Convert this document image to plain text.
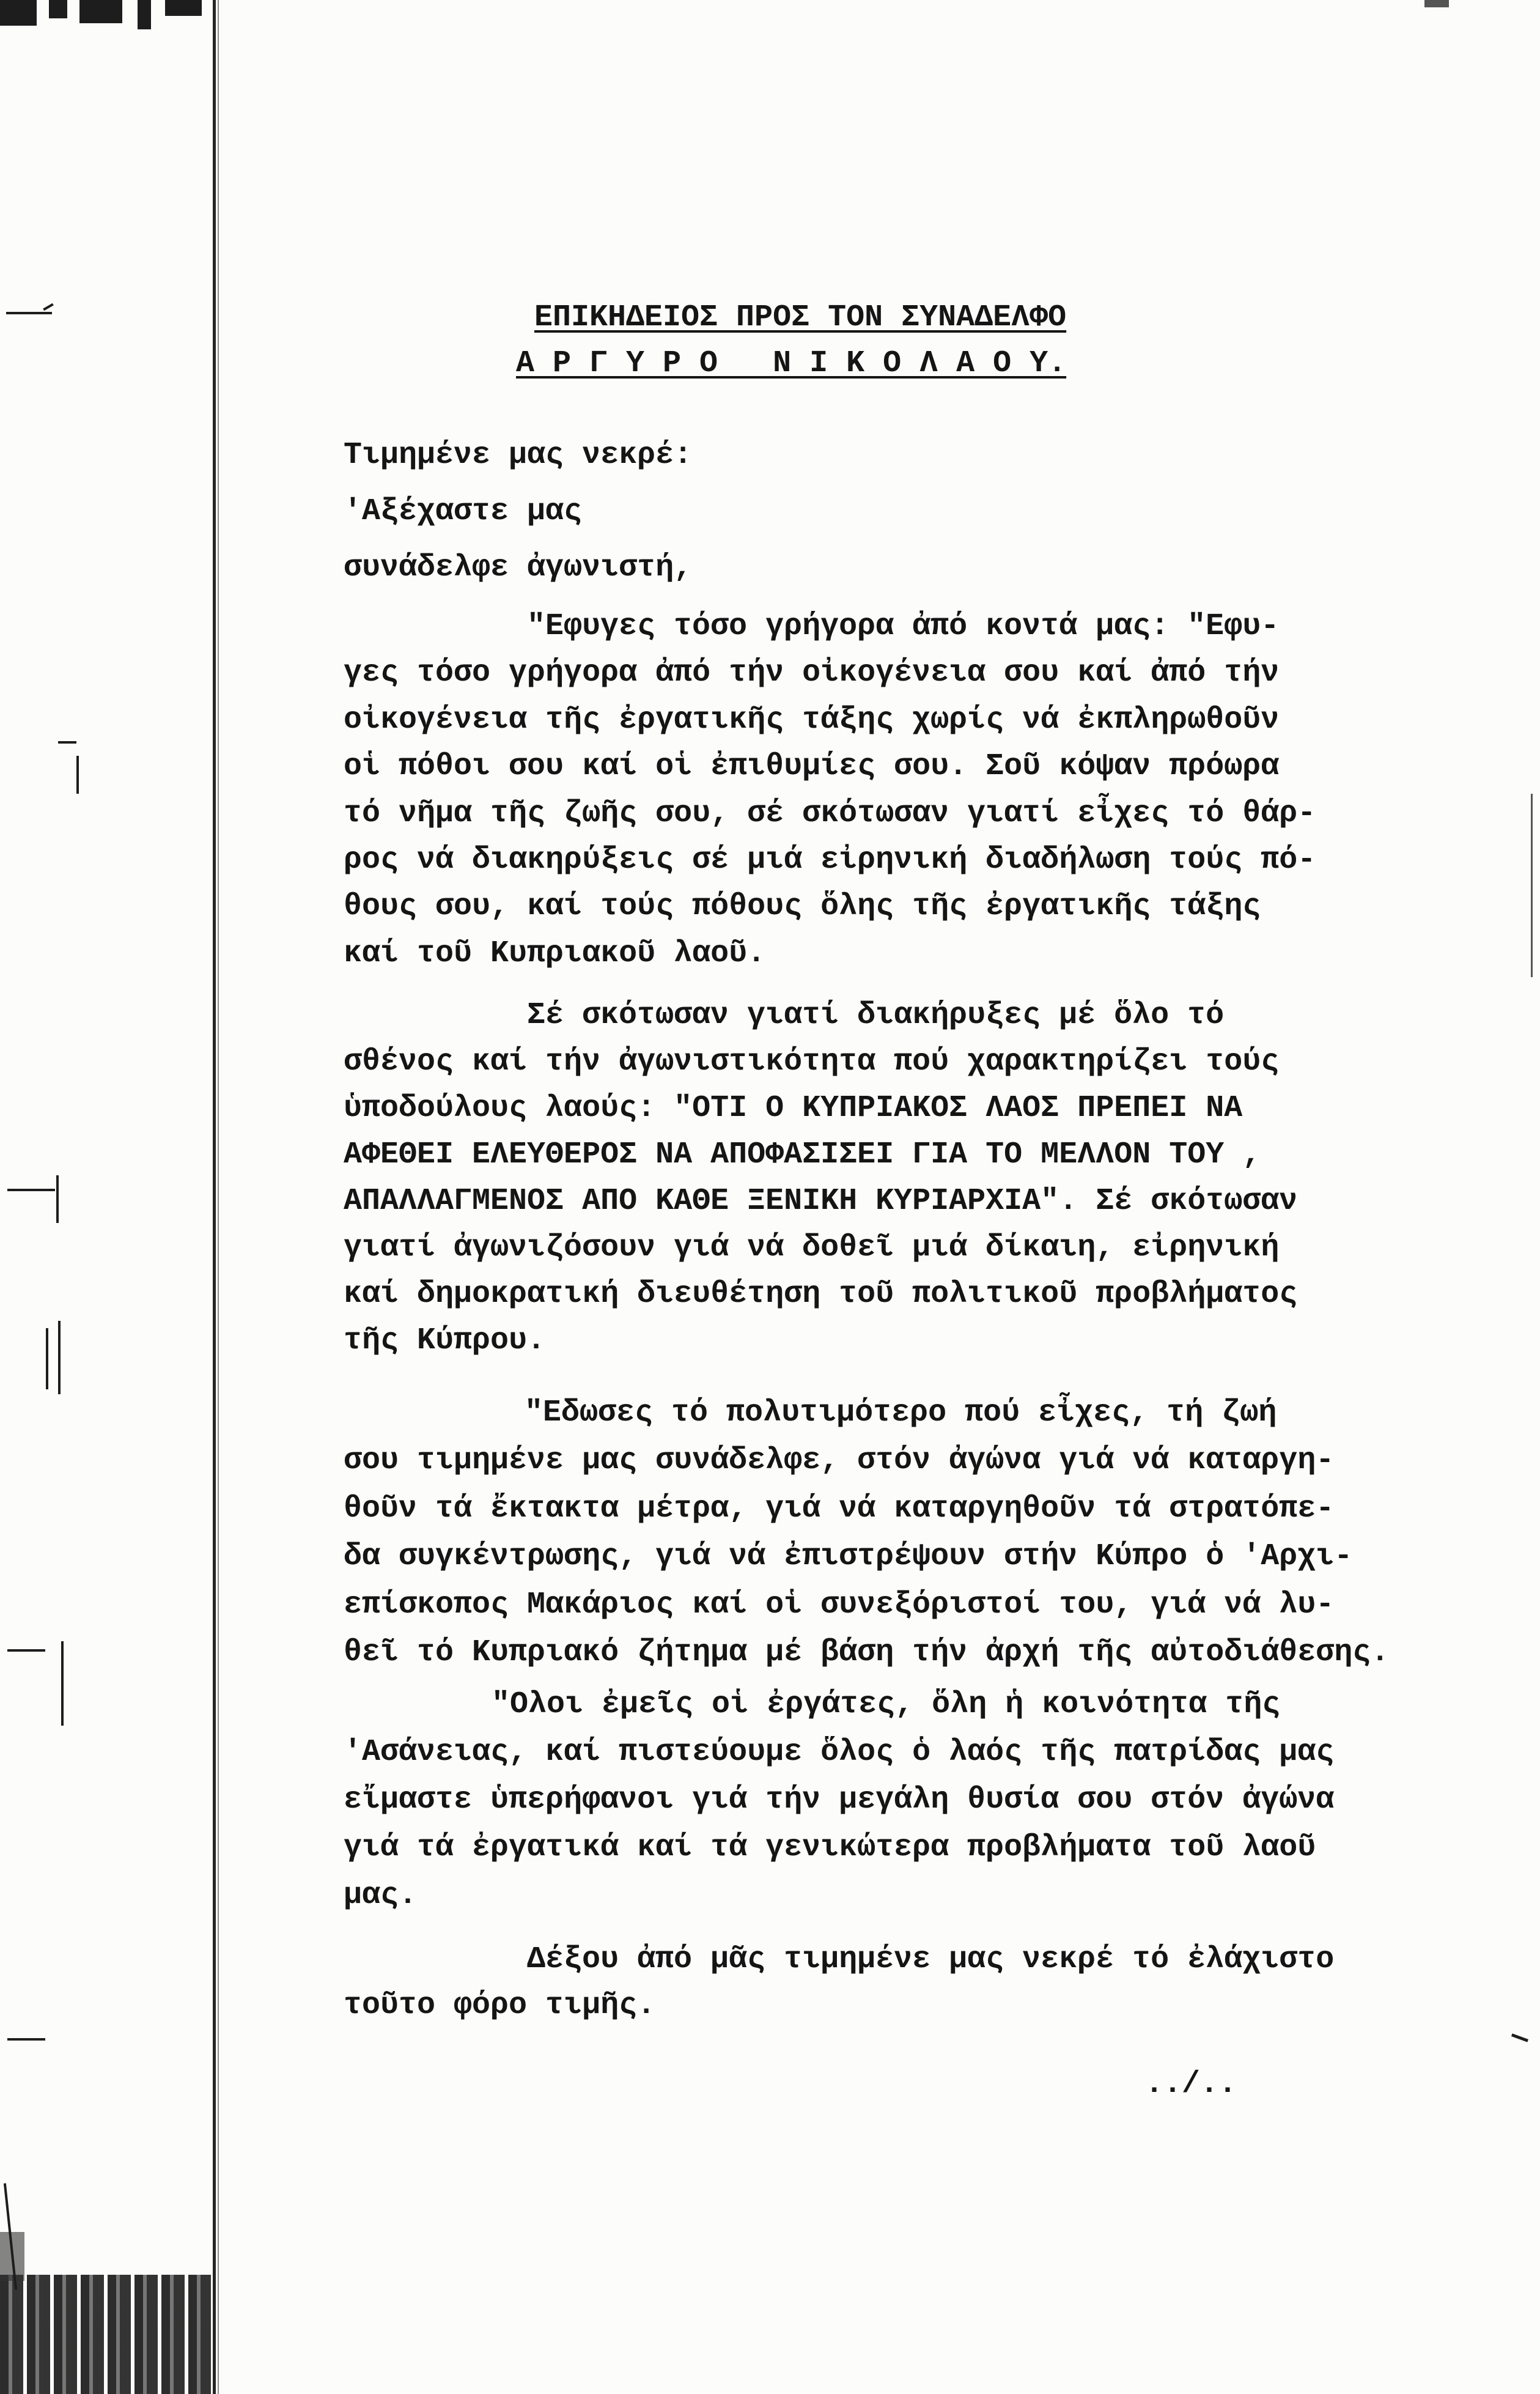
ΕΠΙΚΗΔΕΙΟΣ ΠΡΟΣ ΤΟΝ ΣΥΝΑΔΕΛΦΟ
Α Ρ Γ Υ Ρ Ο   Ν Ι Κ Ο Λ Α Ο Υ.
Τιμημένε μας νεκρέ:
'Αξέχαστε μας
συνάδελφε ἀγωνιστή,
"Εφυγες τόσο γρήγορα ἀπό κοντά μας: "Εφυ-
γες τόσο γρήγορα ἀπό τήν οἰκογένεια σου καί ἀπό τήν
οἰκογένεια τῆς ἐργατικῆς τάξης χωρίς νά ἐκπληρωθοῦν
οἱ πόθοι σου καί οἱ ἐπιθυμίες σου. Σοῦ κόψαν πρόωρα
τό νῆμα τῆς ζωῆς σου, σέ σκότωσαν γιατί εἶχες τό θάρ-
ρος νά διακηρύξεις σέ μιά εἰρηνική διαδήλωση τούς πό-
θους σου, καί τούς πόθους ὅλης τῆς ἐργατικῆς τάξης
καί τοῦ Κυπριακοῦ λαοῦ.
Σέ σκότωσαν γιατί διακήρυξες μέ ὅλο τό
σθένος καί τήν ἀγωνιστικότητα πού χαρακτηρίζει τούς
ὑποδούλους λαούς: "ΟΤΙ Ο ΚΥΠΡΙΑΚΟΣ ΛΑΟΣ ΠΡΕΠΕΙ ΝΑ
ΑΦΕΘΕΙ ΕΛΕΥΘΕΡΟΣ ΝΑ ΑΠΟΦΑΣΙΣΕΙ ΓΙΑ ΤΟ ΜΕΛΛΟΝ ΤΟΥ ,
ΑΠΑΛΛΑΓΜΕΝΟΣ ΑΠΟ ΚΑΘΕ ΞΕΝΙΚΗ ΚΥΡΙΑΡΧΙΑ". Σέ σκότωσαν
γιατί ἀγωνιζόσουν γιά νά δοθεῖ μιά δίκαιη, εἰρηνική
καί δημοκρατική διευθέτηση τοῦ πολιτικοῦ προβλήματος
τῆς Κύπρου.
"Εδωσες τό πολυτιμότερο πού εἶχες, τή ζωή
σου τιμημένε μας συνάδελφε, στόν ἀγώνα γιά νά καταργη-
θοῦν τά ἔκτακτα μέτρα, γιά νά καταργηθοῦν τά στρατόπε-
δα συγκέντρωσης, γιά νά ἐπιστρέψουν στήν Κύπρο ὁ 'Αρχι-
επίσκοπος Μακάριος καί οἱ συνεξόριστοί του, γιά νά λυ-
θεῖ τό Κυπριακό ζήτημα μέ βάση τήν ἀρχή τῆς αὐτοδιάθεσης.
"Ολοι ἐμεῖς οἱ ἐργάτες, ὅλη ἡ κοινότητα τῆς
'Ασάνειας, καί πιστεύουμε ὅλος ὁ λαός τῆς πατρίδας μας
εἴμαστε ὑπερήφανοι γιά τήν μεγάλη θυσία σου στόν ἀγώνα
γιά τά ἐργατικά καί τά γενικώτερα προβλήματα τοῦ λαοῦ
μας.
Δέξου ἀπό μᾶς τιμημένε μας νεκρέ τό ἐλάχιστο
τοῦτο φόρο τιμῆς.
../..
